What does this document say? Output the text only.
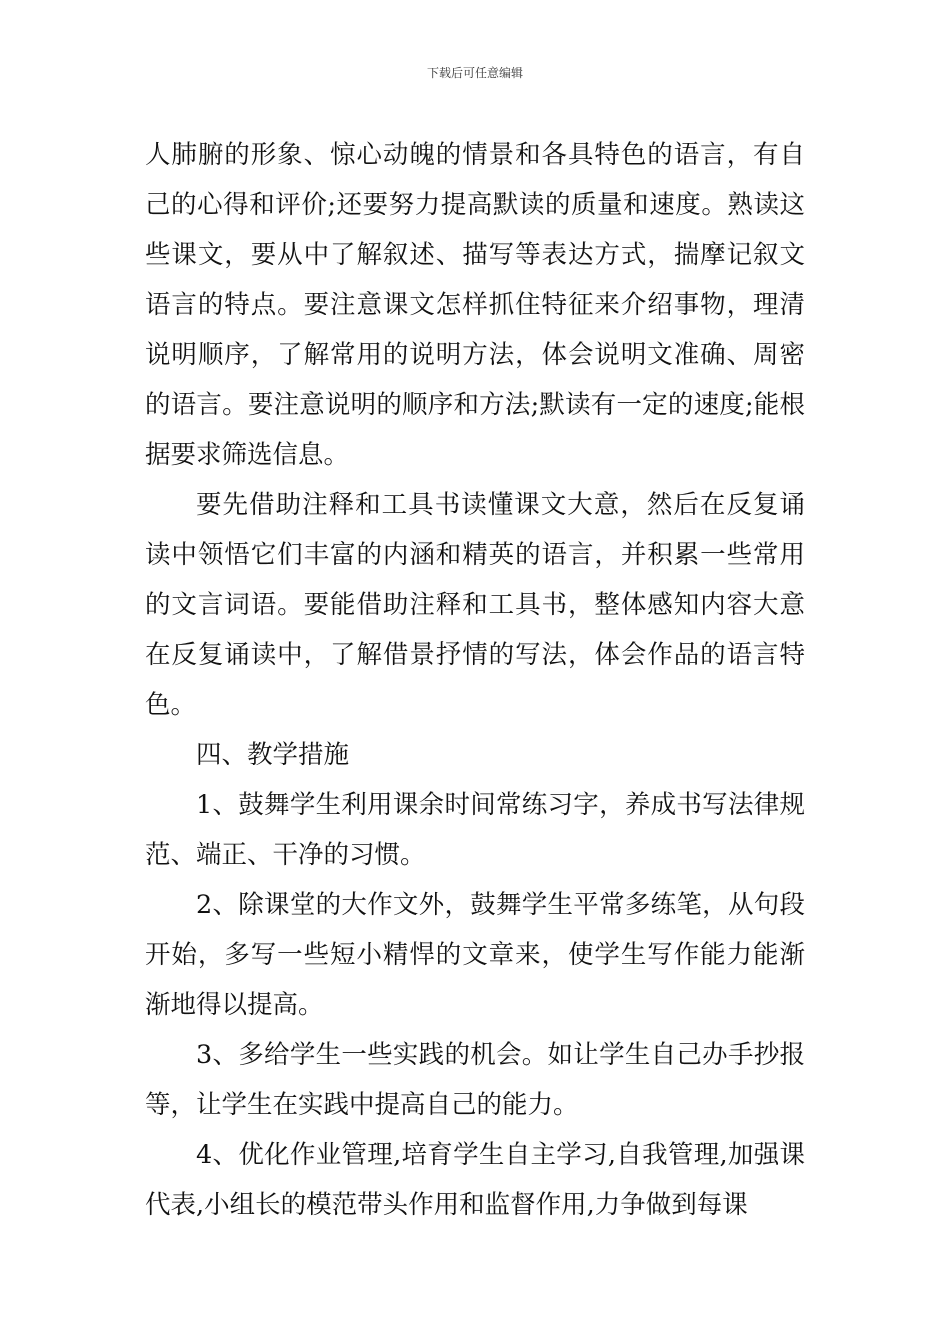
下载后可任意编辑

人肺腑的形象、惊心动魄的情景和各具特色的语言，有自己的心得和评价;还要努力提高默读的质量和速度。熟读这些课文，要从中了解叙述、描写等表达方式，揣摩记叙文语言的特点。要注意课文怎样抓住特征来介绍事物，理清说明顺序，了解常用的说明方法，体会说明文准确、周密的语言。要注意说明的顺序和方法;默读有一定的速度;能根据要求筛选信息。

要先借助注释和工具书读懂课文大意，然后在反复诵读中领悟它们丰富的内涵和精英的语言，并积累一些常用的文言词语。要能借助注释和工具书，整体感知内容大意在反复诵读中，了解借景抒情的写法，体会作品的语言特色。

四、教学措施

1、鼓舞学生利用课余时间常练习字，养成书写法律规范、端正、干净的习惯。

2、除课堂的大作文外，鼓舞学生平常多练笔，从句段开始，多写一些短小精悍的文章来，使学生写作能力能渐渐地得以提高。

3、多给学生一些实践的机会。如让学生自己办手抄报等，让学生在实践中提高自己的能力。

4、优化作业管理,培育学生自主学习,自我管理,加强课代表,小组长的模范带头作用和监督作用,力争做到每课
